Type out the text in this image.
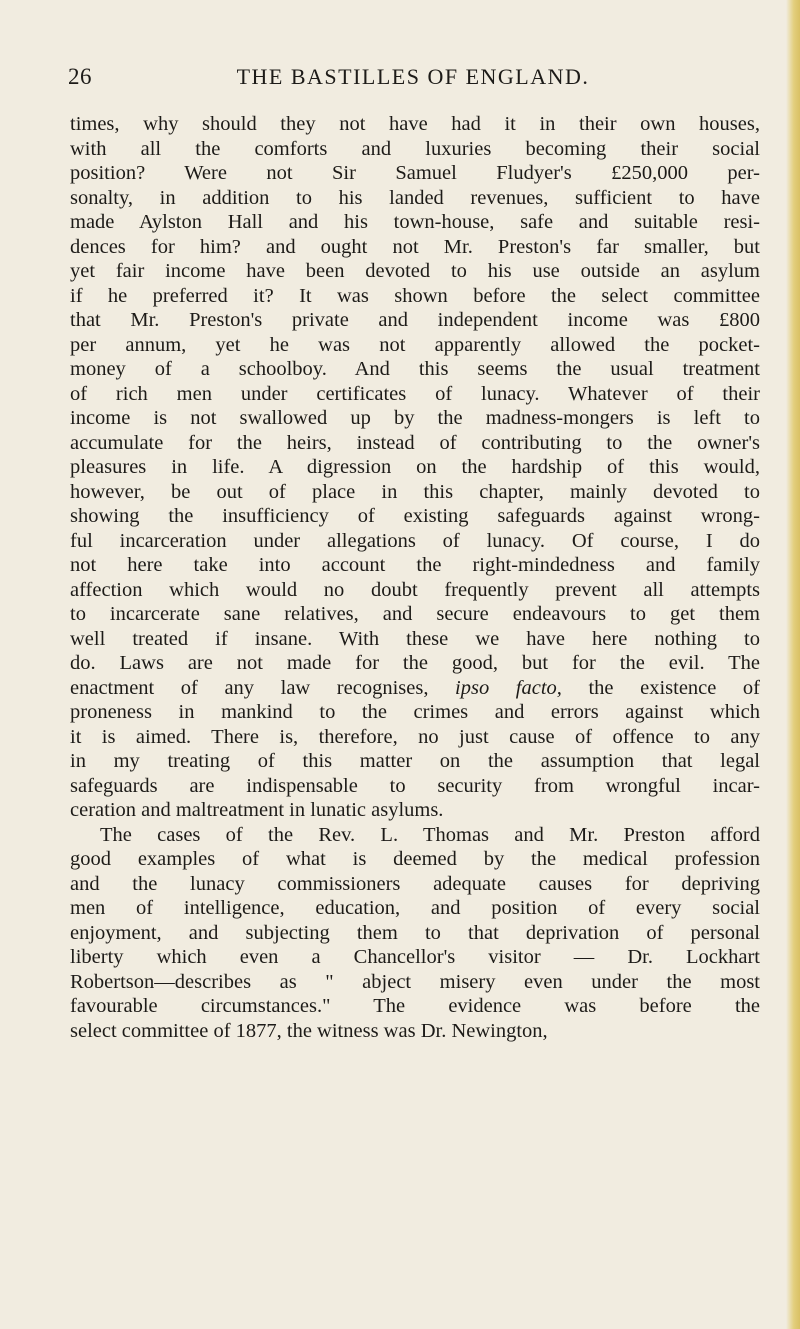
26	THE BASTILLES OF ENGLAND.
times, why should they not have had it in their own houses,
with all the comforts and luxuries becoming their social
position? Were not Sir Samuel Fludyer's £250,000 per-
sonalty, in addition to his landed revenues, sufficient to have
made Aylston Hall and his town-house, safe and suitable resi-
dences for him? and ought not Mr. Preston's far smaller, but
yet fair income have been devoted to his use outside an asylum
if he preferred it? It was shown before the select committee
that Mr. Preston's private and independent income was £800
per annum, yet he was not apparently allowed the pocket-
money of a schoolboy. And this seems the usual treatment
of rich men under certificates of lunacy. Whatever of their
income is not swallowed up by the madness-mongers is left to
accumulate for the heirs, instead of contributing to the owner's
pleasures in life. A digression on the hardship of this would,
however, be out of place in this chapter, mainly devoted to
showing the insufficiency of existing safeguards against wrong-
ful incarceration under allegations of lunacy. Of course, I do
not here take into account the right-mindedness and family
affection which would no doubt frequently prevent all attempts
to incarcerate sane relatives, and secure endeavours to get them
well treated if insane. With these we have here nothing to
do. Laws are not made for the good, but for the evil. The
enactment of any law recognises, ipso facto, the existence of
proneness in mankind to the crimes and errors against which
it is aimed. There is, therefore, no just cause of offence to any
in my treating of this matter on the assumption that legal
safeguards are indispensable to security from wrongful incar-
ceration and maltreatment in lunatic asylums.
The cases of the Rev. L. Thomas and Mr. Preston afford
good examples of what is deemed by the medical profession
and the lunacy commissioners adequate causes for depriving
men of intelligence, education, and position of every social
enjoyment, and subjecting them to that deprivation of personal
liberty which even a Chancellor's visitor — Dr. Lockhart
Robertson—describes as " abject misery even under the most
favourable circumstances." The evidence was before the
select committee of 1877, the witness was Dr. Newington,
